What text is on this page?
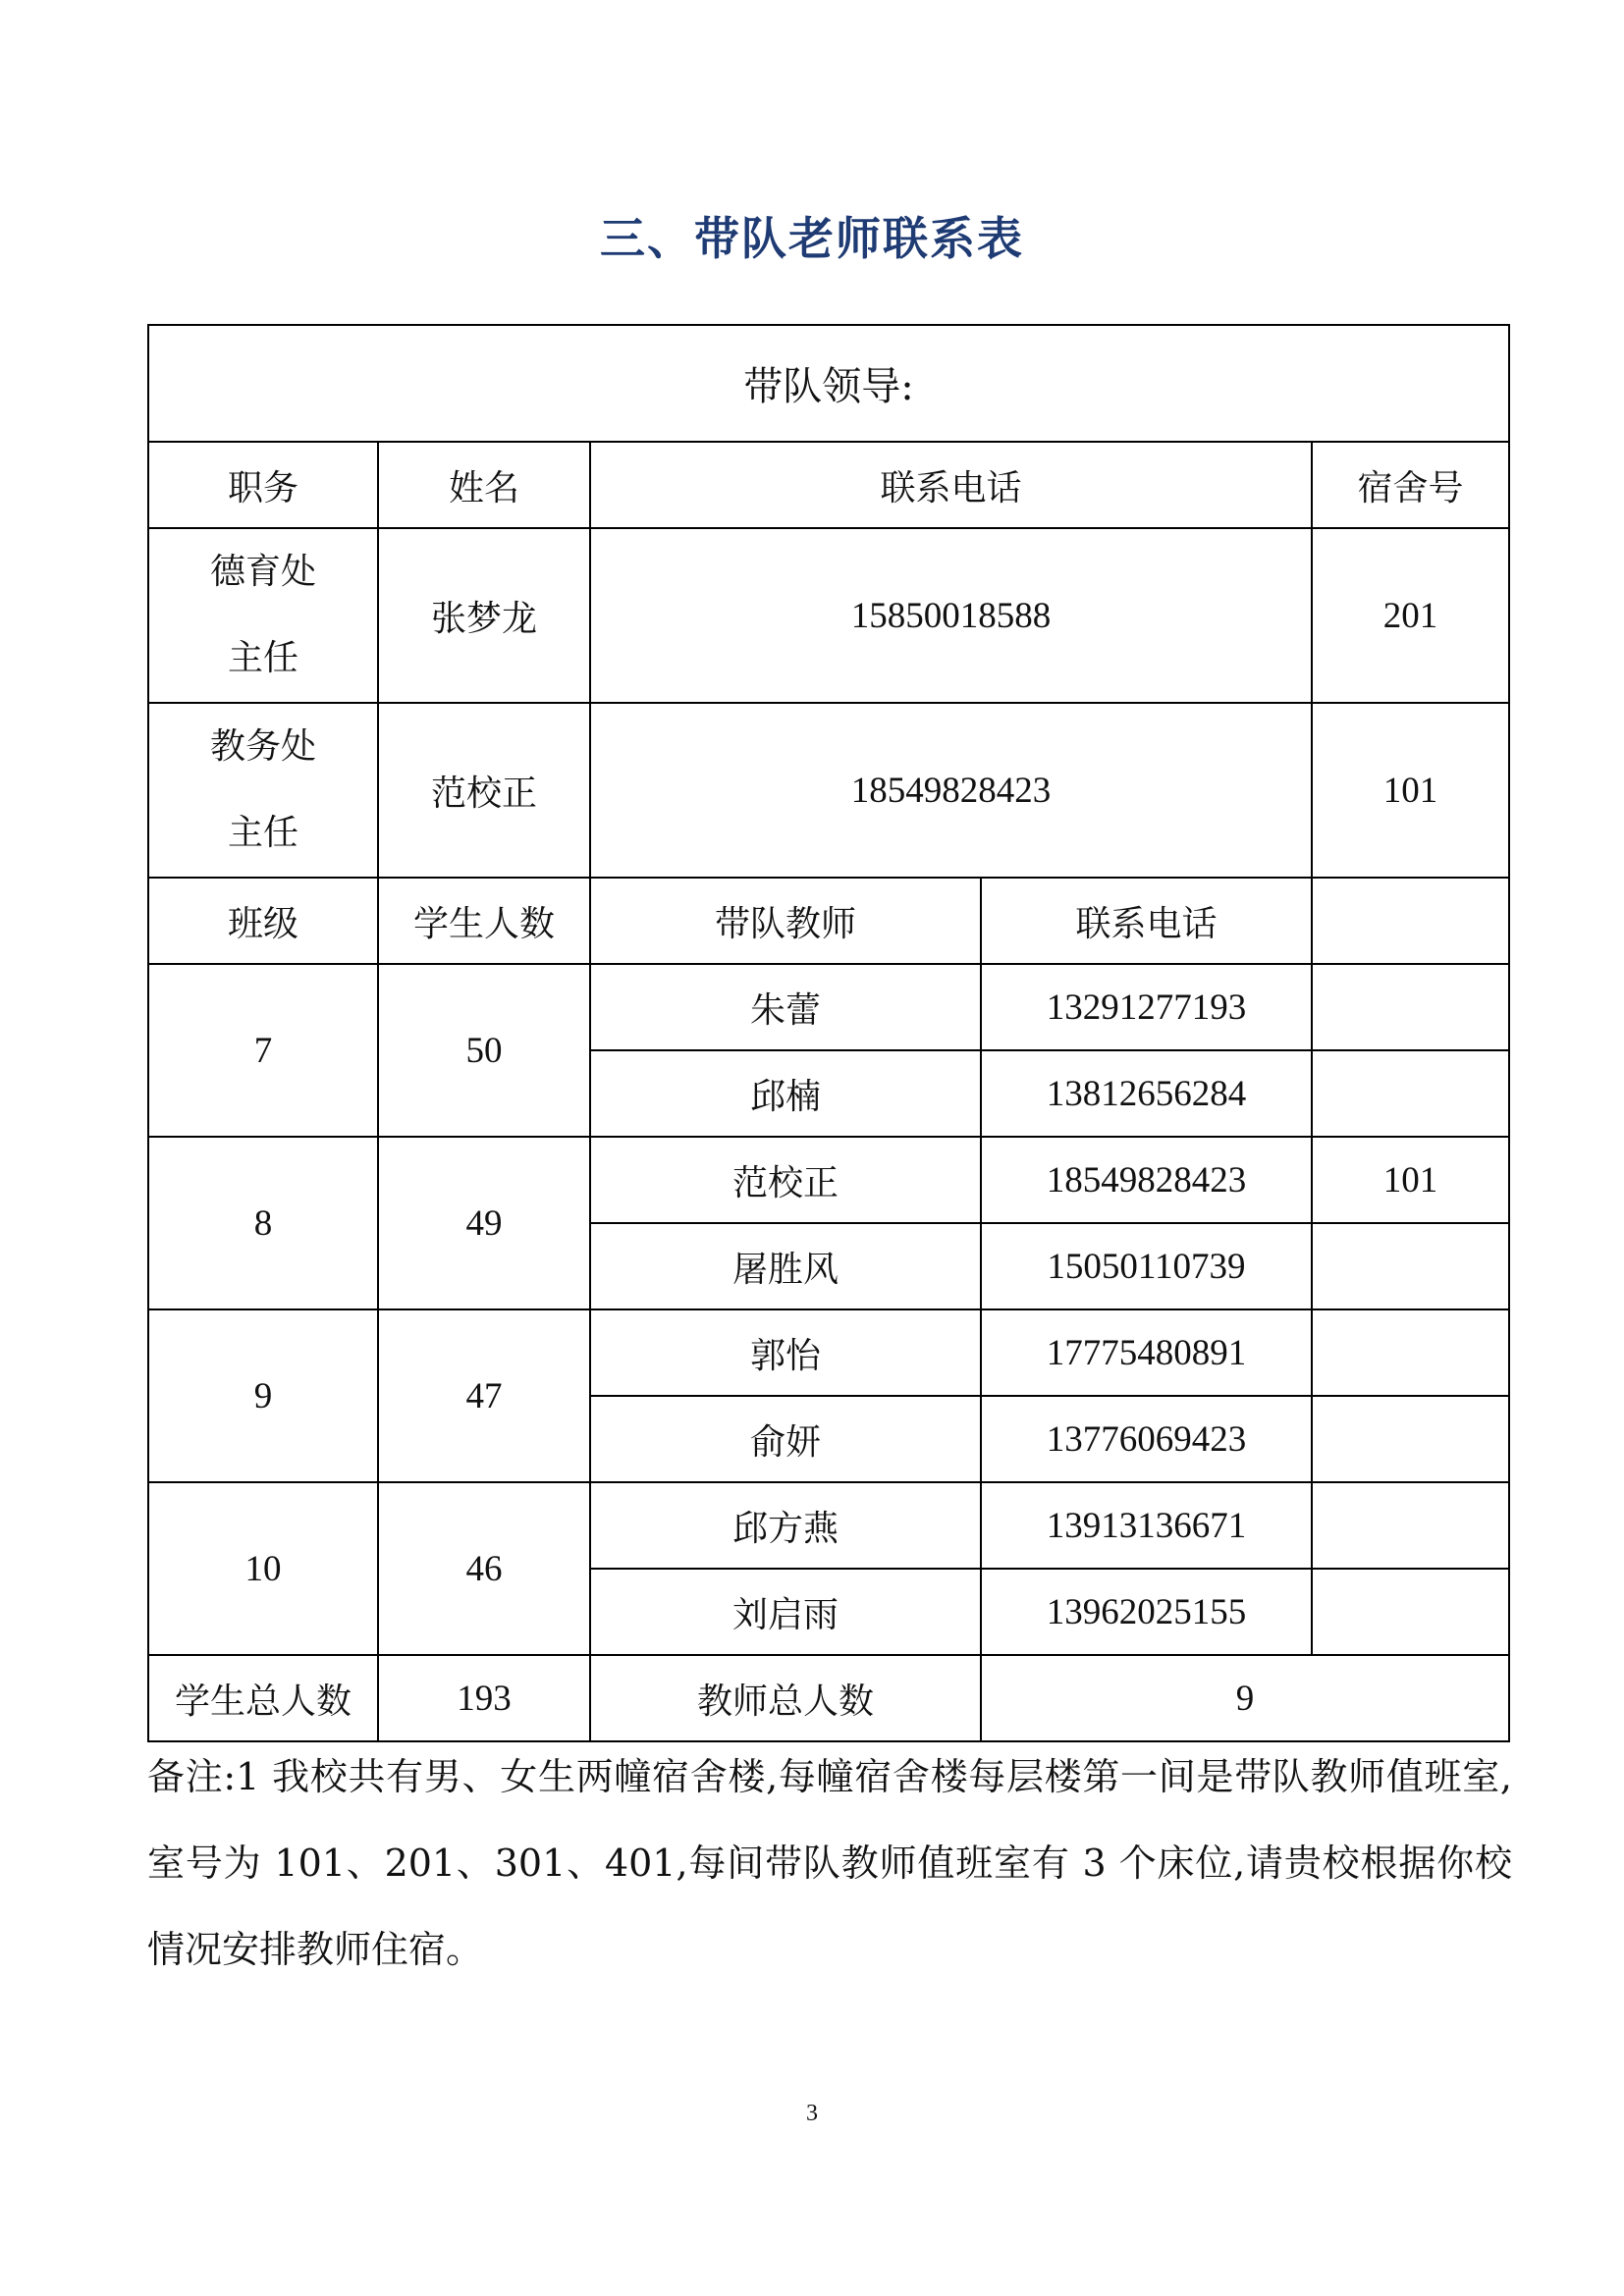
三、带队老师联系表
带队领导:				
职务	姓名	联系电话		宿舍号

德育处
主任	张梦龙	15850018588		201

教务处
主任	范校正	18549828423		101
班级	学生人数	带队教师	联系电话	
7	50	朱蕾	13291277193	
		邱楠	13812656284	
8	49	范校正	18549828423	101
		屠胜风	15050110739	
9	47	郭怡	17775480891	
		俞妍	13776069423	
10	46	邱方燕	13913136671	
		刘启雨	13962025155	
学生总人数	193	教师总人数	9	
备注:1 我校共有男、女生两幢宿舍楼,每幢宿舍楼每层楼第一间是带队教师值班室,室号为 101、201、301、401,每间带队教师值班室有 3 个床位,请贵校根据你校情况安排教师住宿。
3
